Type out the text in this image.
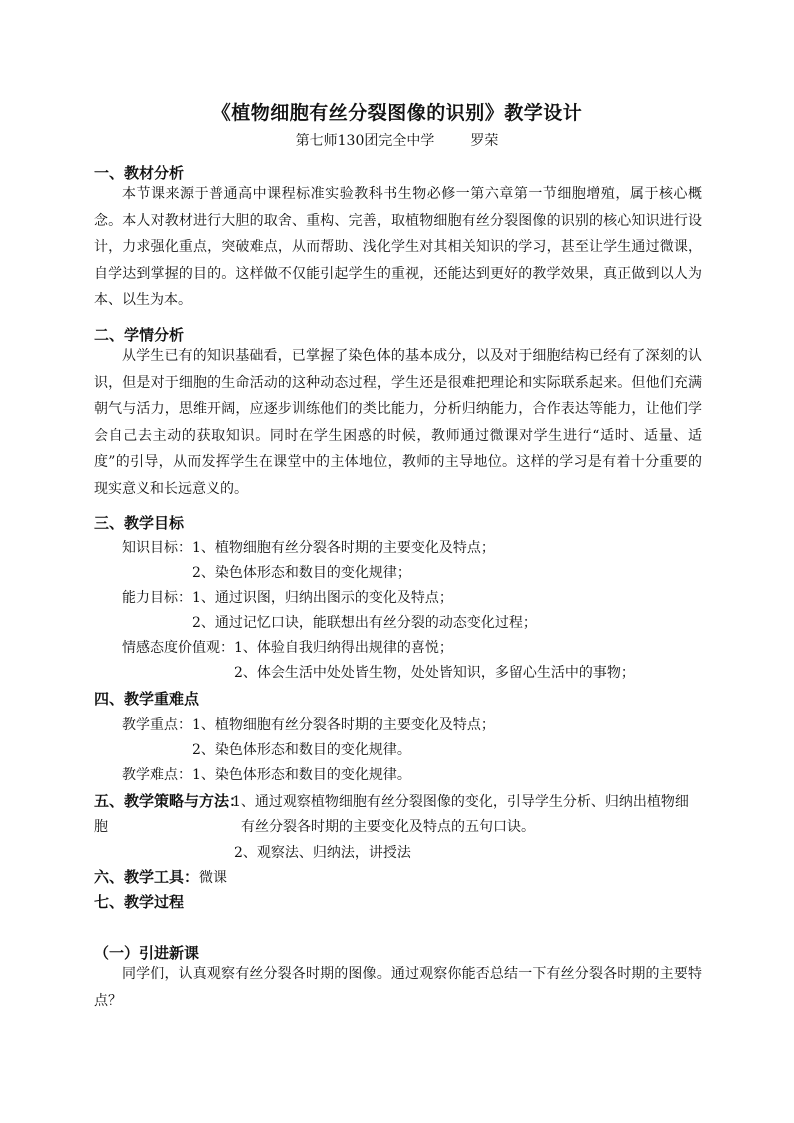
《植物细胞有丝分裂图像的识别》教学设计
第七师130团完全中学	罗荣
一、教材分析

本节课来源于普通高中课程标准实验教科书生物必修一第六章第一节细胞增殖，属于核心概念。本人对教材进行大胆的取舍、重构、完善，取植物细胞有丝分裂图像的识别的核心知识进行设计，力求强化重点，突破难点，从而帮助、浅化学生对其相关知识的学习，甚至让学生通过微课，自学达到掌握的目的。这样做不仅能引起学生的重视，还能达到更好的教学效果，真正做到以人为本、以生为本。

二、学情分析

从学生已有的知识基础看，已掌握了染色体的基本成分，以及对于细胞结构已经有了深刻的认识，但是对于细胞的生命活动的这种动态过程，学生还是很难把理论和实际联系起来。但他们充满朝气与活力，思维开阔，应逐步训练他们的类比能力，分析归纳能力，合作表达等能力，让他们学会自己去主动的获取知识。同时在学生困惑的时候，教师通过微课对学生进行“适时、适量、适度”的引导，从而发挥学生在课堂中的主体地位，教师的主导地位。这样的学习是有着十分重要的现实意义和长远意义的。

三、教学目标

知识目标：1、植物细胞有丝分裂各时期的主要变化及特点；

2、染色体形态和数目的变化规律；

能力目标：1、通过识图，归纳出图示的变化及特点；

2、通过记忆口诀，能联想出有丝分裂的动态变化过程；

情感态度价值观：1、体验自我归纳得出规律的喜悦；

2、体会生活中处处皆生物，处处皆知识，多留心生活中的事物；

四、教学重难点

教学重点：1、植物细胞有丝分裂各时期的主要变化及特点；

2、染色体形态和数目的变化规律。

教学难点：1、染色体形态和数目的变化规律。

五、教学策略与方法：

1、通过观察植物细胞有丝分裂图像的变化，引导学生分析、归纳出植物细

胞	有丝分裂各时期的主要变化及特点的五句口诀。

2、观察法、归纳法，讲授法

六、教学工具：微课

七、教学过程

（一）引进新课

同学们，认真观察有丝分裂各时期的图像。通过观察你能否总结一下有丝分裂各时期的主要特点？
